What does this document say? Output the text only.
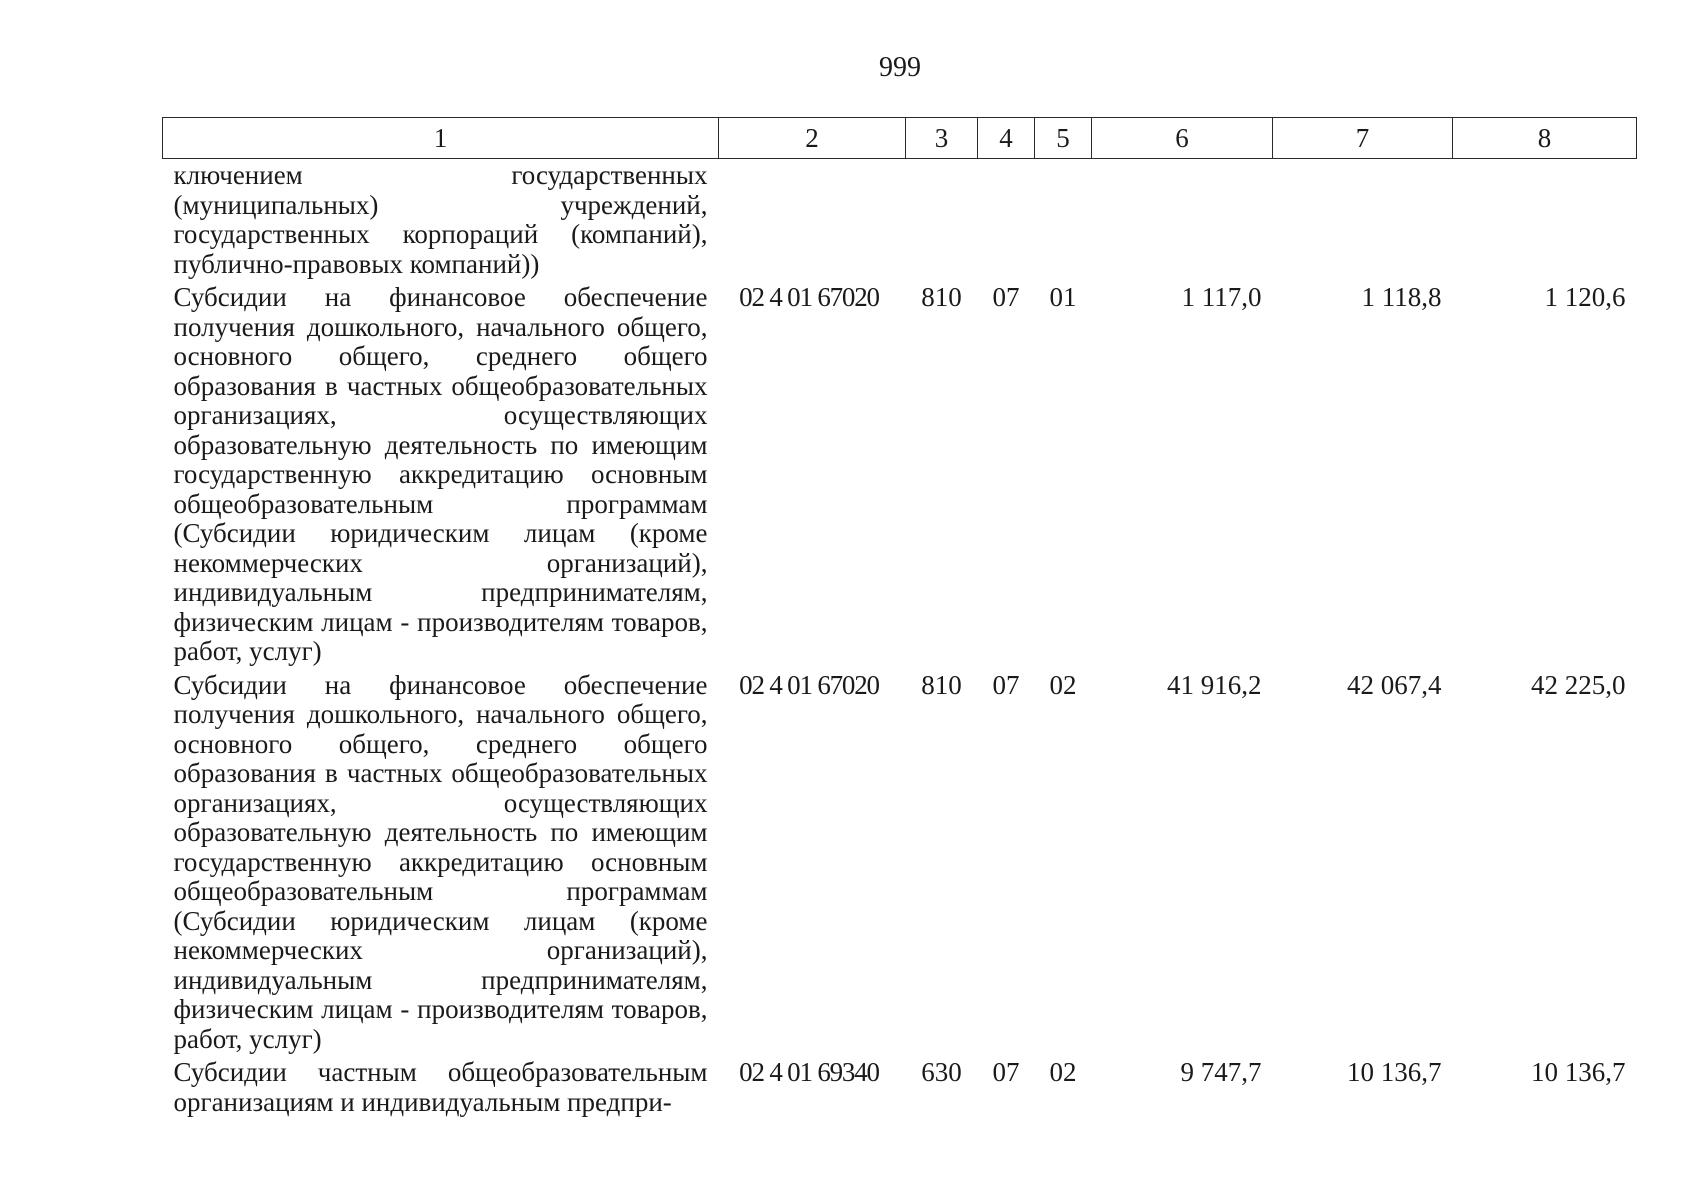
999
1	2	3	4	5	6	7	8
ключением государственных (муниципальных) учреждений, государственных корпораций (компаний), публично-правовых компаний))							
Субсидии на финансовое обеспечение получения дошкольного, начального общего, основного общего, среднего общего образования в частных общеобразовательных организациях, осуществляющих образовательную деятельность по имеющим государственную аккредитацию основным общеобразовательным программам (Субсидии юридическим лицам (кроме некоммерческих организаций), индивидуальным предпринимателям, физическим лицам - производителям товаров, работ, услуг)	02 4 01 67020	810	07	01	1 117,0	1 118,8	1 120,6
Субсидии на финансовое обеспечение получения дошкольного, начального общего, основного общего, среднего общего образования в частных общеобразовательных организациях, осуществляющих образовательную деятельность по имеющим государственную аккредитацию основным общеобразовательным программам (Субсидии юридическим лицам (кроме некоммерческих организаций), индивидуальным предпринимателям, физическим лицам - производителям товаров, работ, услуг)	02 4 01 67020	810	07	02	41 916,2	42 067,4	42 225,0
Субсидии частным общеобразовательным организациям и индивидуальным предпри-	02 4 01 69340	630	07	02	9 747,7	10 136,7	10 136,7
